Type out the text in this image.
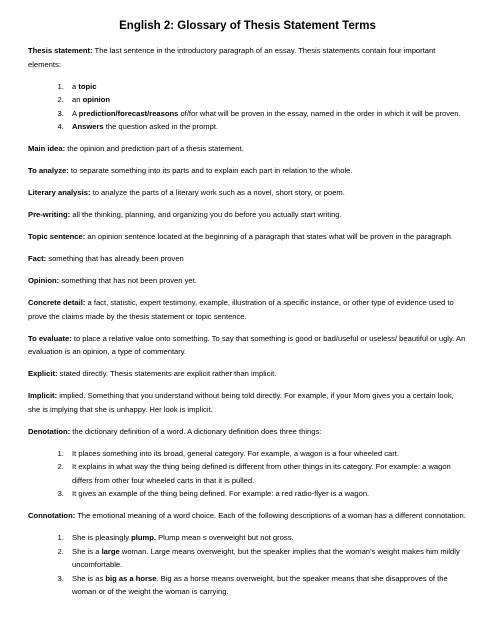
English 2: Glossary of Thesis Statement Terms
Thesis statement: The last sentence in the introductory paragraph of an essay. Thesis statements contain four important elements:
1. a topic
2. an opinion
3. A prediction/forecast/reasons of/for what will be proven in the essay, named in the order in which it will be proven.
4. Answers the question asked in the prompt.
Main idea: the opinion and prediction part of a thesis statement.
To analyze: to separate something into its parts and to explain each part in relation to the whole.
Literary analysis: to analyze the parts of a literary work such as a novel, short story, or poem.
Pre-writing: all the thinking, planning, and organizing you do before you actually start writing.
Topic sentence: an opinion sentence located at the beginning of a paragraph that states what will be proven in the paragraph.
Fact: something that has already been proven
Opinion: something that has not been proven yet.
Concrete detail: a fact, statistic, expert testimony, example, illustration of a specific instance, or other type of evidence used to prove the claims made by the thesis statement or topic sentence.
To evaluate: to place a relative value onto something. To say that something is good or bad/useful or useless/ beautiful or ugly. An evaluation is an opinion, a type of commentary.
Explicit: stated directly. Thesis statements are explicit rather than implicit.
Implicit: implied. Something that you understand without being told directly. For example, if your Mom gives you a certain look, she is implying that she is unhappy. Her look is implicit.
Denotation: the dictionary definition of a word. A dictionary definition does three things:
1. It places something into its broad, general category. For example, a wagon is a four wheeled cart.
2. It explains in what way the thing being defined is different from other things in its category. For example: a wagon differs from other four wheeled carts in that it is pulled.
3. It gives an example of the thing being defined. For example: a red radio-flyer is a wagon.
Connotation: The emotional meaning of a word choice. Each of the following descriptions of a woman has a different connotation.
1. She is pleasingly plump. Plump mean s overweight but not gross.
2. She is a large woman. Large means overweight, but the speaker implies that the woman’s weight makes him mildly uncomfortable.
3. She is as big as a horse. Big as a horse means overweight, but the speaker means that she disapproves of the woman or of the weight the woman is carrying.
